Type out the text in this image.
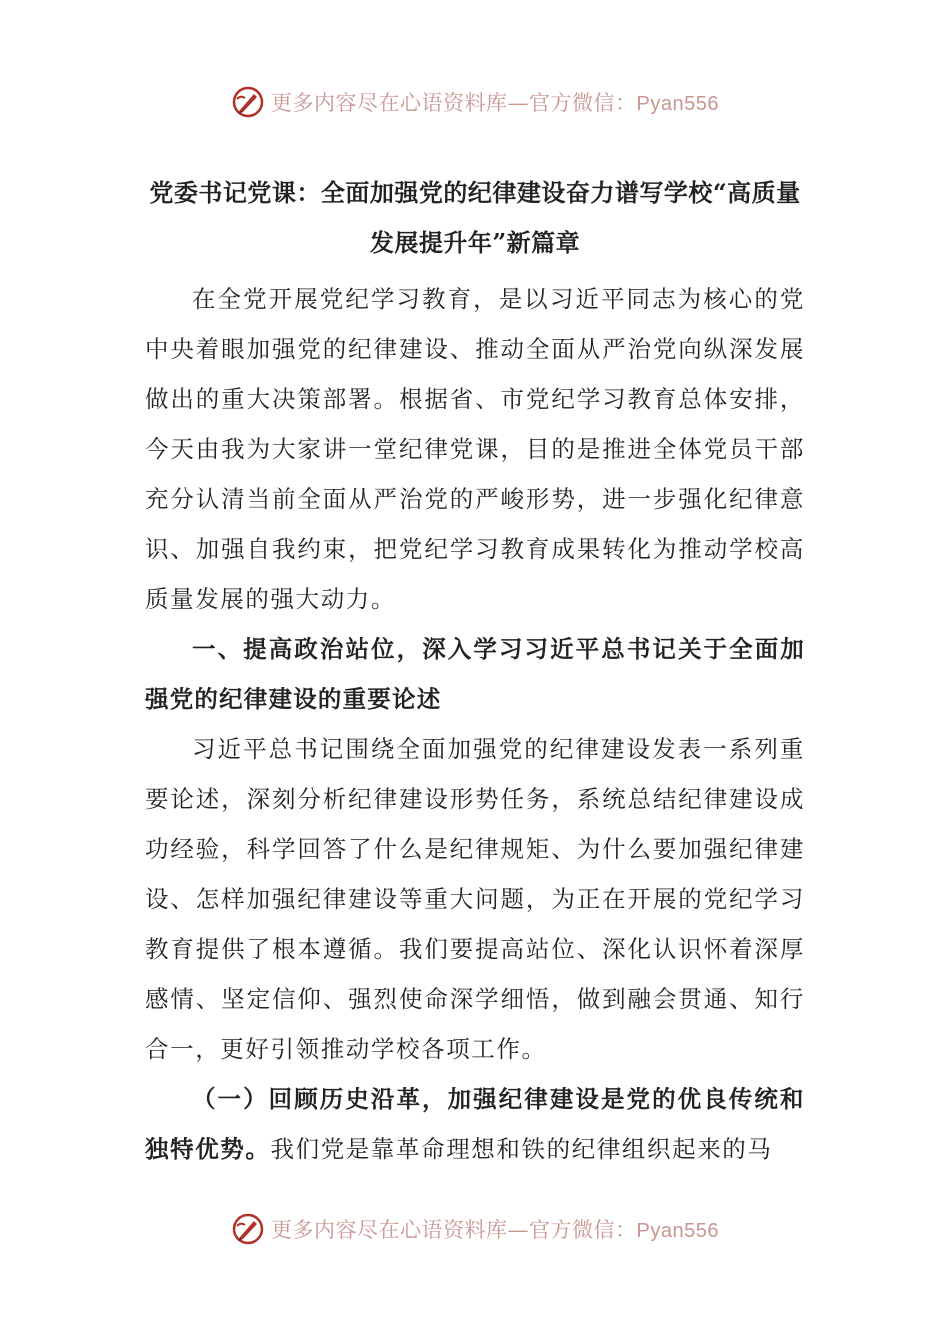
更多内容尽在心语资料库—官方微信：Pyan556
党委书记党课：全面加强党的纪律建设奋力谱写学校“高质量发展提升年”新篇章

在全党开展党纪学习教育，是以习近平同志为核心的党中央着眼加强党的纪律建设、推动全面从严治党向纵深发展做出的重大决策部署。根据省、市党纪学习教育总体安排，今天由我为大家讲一堂纪律党课，目的是推进全体党员干部充分认清当前全面从严治党的严峻形势，进一步强化纪律意识、加强自我约束，把党纪学习教育成果转化为推动学校高质量发展的强大动力。

一、提高政治站位，深入学习习近平总书记关于全面加强党的纪律建设的重要论述

习近平总书记围绕全面加强党的纪律建设发表一系列重要论述，深刻分析纪律建设形势任务，系统总结纪律建设成功经验，科学回答了什么是纪律规矩、为什么要加强纪律建设、怎样加强纪律建设等重大问题，为正在开展的党纪学习教育提供了根本遵循。我们要提高站位、深化认识怀着深厚感情、坚定信仰、强烈使命深学细悟，做到融会贯通、知行合一，更好引领推动学校各项工作。

（一）回顾历史沿革，加强纪律建设是党的优良传统和独特优势。我们党是靠革命理想和铁的纪律组织起来的马

更多内容尽在心语资料库—官方微信：Pyan556
